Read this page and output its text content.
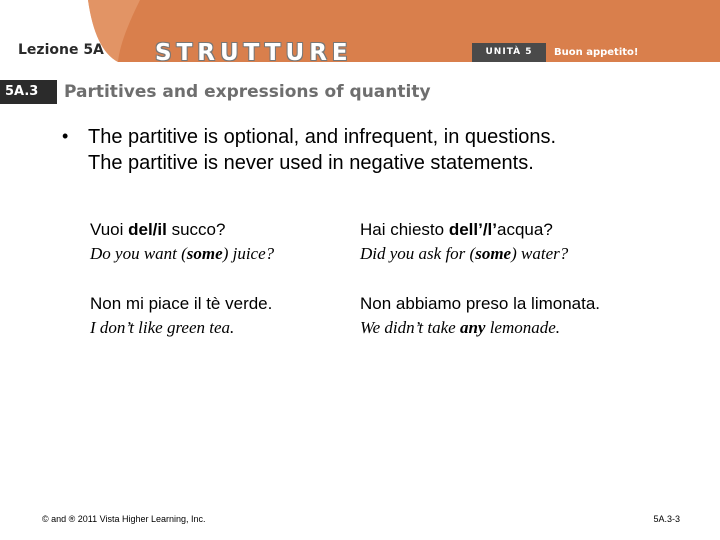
Lezione 5A STRUTTURE	UNITÀ 5	Buon appetito!
5A.3	Partitives and expressions of quantity
• The partitive is optional, and infrequent, in questions.
The partitive is never used in negative statements.
Vuoi del/il succo?
Do you want (some) juice?
Hai chiesto dell’/l’acqua?
Did you ask for (some) water?
Non mi piace il tè verde.
I don’t like green tea.
Non abbiamo preso la limonata.
We didn’t take any lemonade.
© and ® 2011 Vista Higher Learning, Inc.	5A.3-3
